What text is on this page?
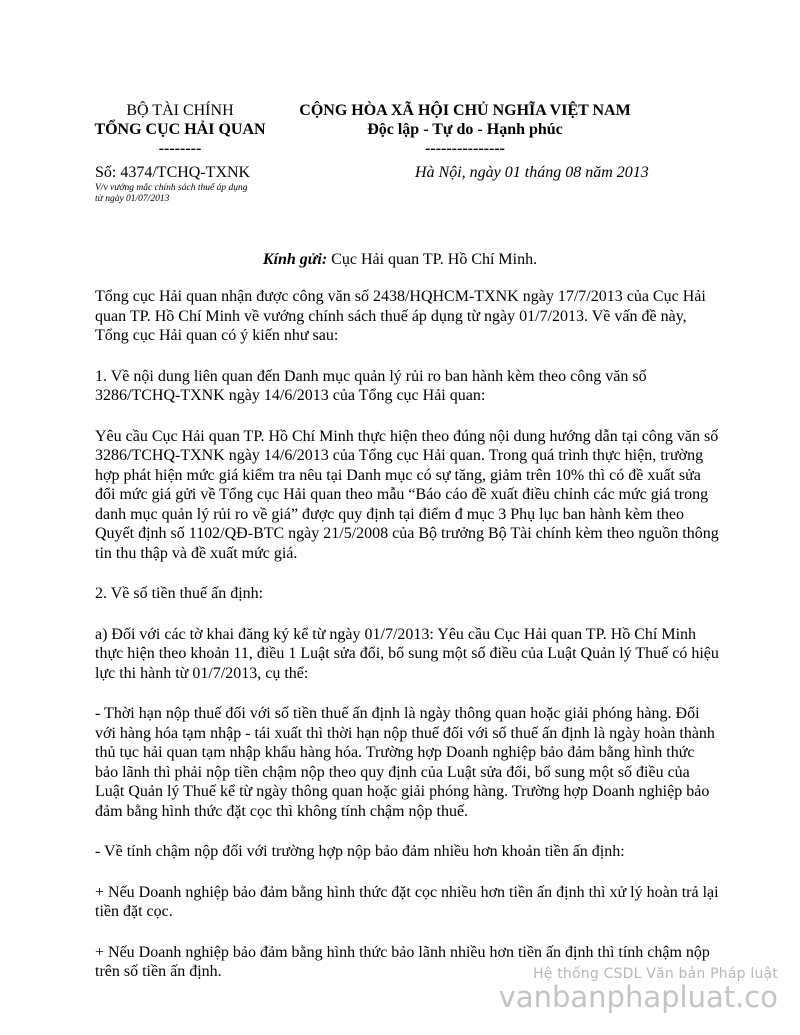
BỘ TÀI CHÍNH
TỔNG CỤC HẢI QUAN
--------
CỘNG HÒA XÃ HỘI CHỦ NGHĨA VIỆT NAM
Độc lập - Tự do - Hạnh phúc
---------------
Số: 4374/TCHQ-TXNK
V/v vướng mắc chính sách thuế áp dụng
từ ngày 01/07/2013
Hà Nội, ngày 01 tháng 08 năm 2013
Kính gửi: Cục Hải quan TP. Hồ Chí Minh.

Tổng cục Hải quan nhận được công văn số 2438/HQHCM-TXNK ngày 17/7/2013 của Cục Hải quan TP. Hồ Chí Minh về vướng chính sách thuế áp dụng từ ngày 01/7/2013. Về vấn đề này, Tổng cục Hải quan có ý kiến như sau:

1. Về nội dung liên quan đến Danh mục quản lý rủi ro ban hành kèm theo công văn số 3286/TCHQ-TXNK ngày 14/6/2013 của Tổng cục Hải quan:

Yêu cầu Cục Hải quan TP. Hồ Chí Minh thực hiện theo đúng nội dung hướng dẫn tại công văn số 3286/TCHQ-TXNK ngày 14/6/2013 của Tổng cục Hải quan. Trong quá trình thực hiện, trường hợp phát hiện mức giá kiểm tra nêu tại Danh mục có sự tăng, giảm trên 10% thì có đề xuất sửa đổi mức giá gửi về Tổng cục Hải quan theo mẫu “Báo cáo đề xuất điều chỉnh các mức giá trong danh mục quản lý rủi ro về giá” được quy định tại điểm đ mục 3 Phụ lục ban hành kèm theo Quyết định số 1102/QĐ-BTC ngày 21/5/2008 của Bộ trưởng Bộ Tài chính kèm theo nguồn thông tin thu thập và đề xuất mức giá.

2. Về số tiền thuế ấn định:

a) Đối với các tờ khai đăng ký kể từ ngày 01/7/2013: Yêu cầu Cục Hải quan TP. Hồ Chí Minh thực hiện theo khoản 11, điều 1 Luật sửa đổi, bổ sung một số điều của Luật Quản lý Thuế có hiệu lực thi hành từ 01/7/2013, cụ thể:

- Thời hạn nộp thuế đối với số tiền thuế ấn định là ngày thông quan hoặc giải phóng hàng. Đối với hàng hóa tạm nhập - tái xuất thì thời hạn nộp thuế đối với số thuế ấn định là ngày hoàn thành thủ tục hải quan tạm nhập khẩu hàng hóa. Trường hợp Doanh nghiệp bảo đảm bằng hình thức bảo lãnh thì phải nộp tiền chậm nộp theo quy định của Luật sửa đổi, bổ sung một số điều của Luật Quản lý Thuế kể từ ngày thông quan hoặc giải phóng hàng. Trường hợp Doanh nghiệp bảo đảm bằng hình thức đặt cọc thì không tính chậm nộp thuế.

- Về tính chậm nộp đối với trường hợp nộp bảo đảm nhiều hơn khoản tiền ấn định:

+ Nếu Doanh nghiệp bảo đảm bằng hình thức đặt cọc nhiều hơn tiền ấn định thì xử lý hoàn trả lại tiền đặt cọc.

+ Nếu Doanh nghiệp bảo đảm bằng hình thức bảo lãnh nhiều hơn tiền ấn định thì tính chậm nộp trên số tiền ấn định.	Hệ thống CSDL Văn bản Pháp luật
vanbanphapluat.co
